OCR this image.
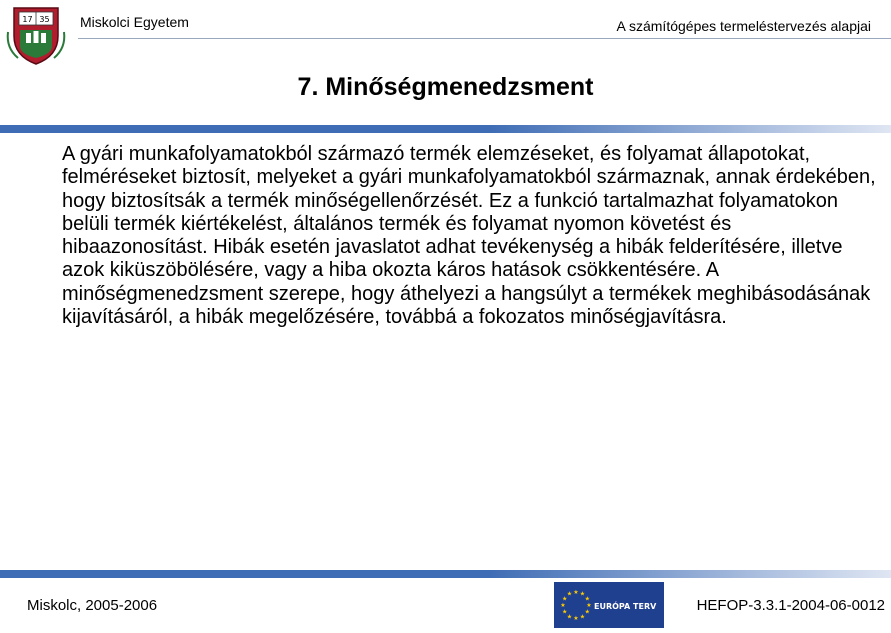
17 35 Miskolci Egyetem	A számítógépes termeléstervezés alapjai
7. Minőségmenedzsment
A gyári munkafolyamatokból származó termék elemzéseket, és folyamat állapotokat, felméréseket biztosít, melyeket a gyári munkafolyamatokból származnak, annak érdekében, hogy biztosítsák a termék minőségellenőrzését. Ez a funkció tartalmazhat folyamatokon belüli termék kiértékelést, általános termék és folyamat nyomon követést és hibaazonosítást. Hibák esetén javaslatot adhat tevékenység a hibák felderítésére, illetve azok kiküszöbölésére, vagy a hiba okozta káros hatások csökkentésére. A minőségmenedzsment szerepe, hogy áthelyezi a hangsúlyt a termékek meghibásodásának kijavításáról, a hibák megelőzésére, továbbá a fokozatos minőségjavításra.
Miskolc, 2005-2006	★
★
★
★
★
★
★
★
★ ★ ★
★
EURÓPA TERV	HEFOP-3.3.1-2004-06-0012
